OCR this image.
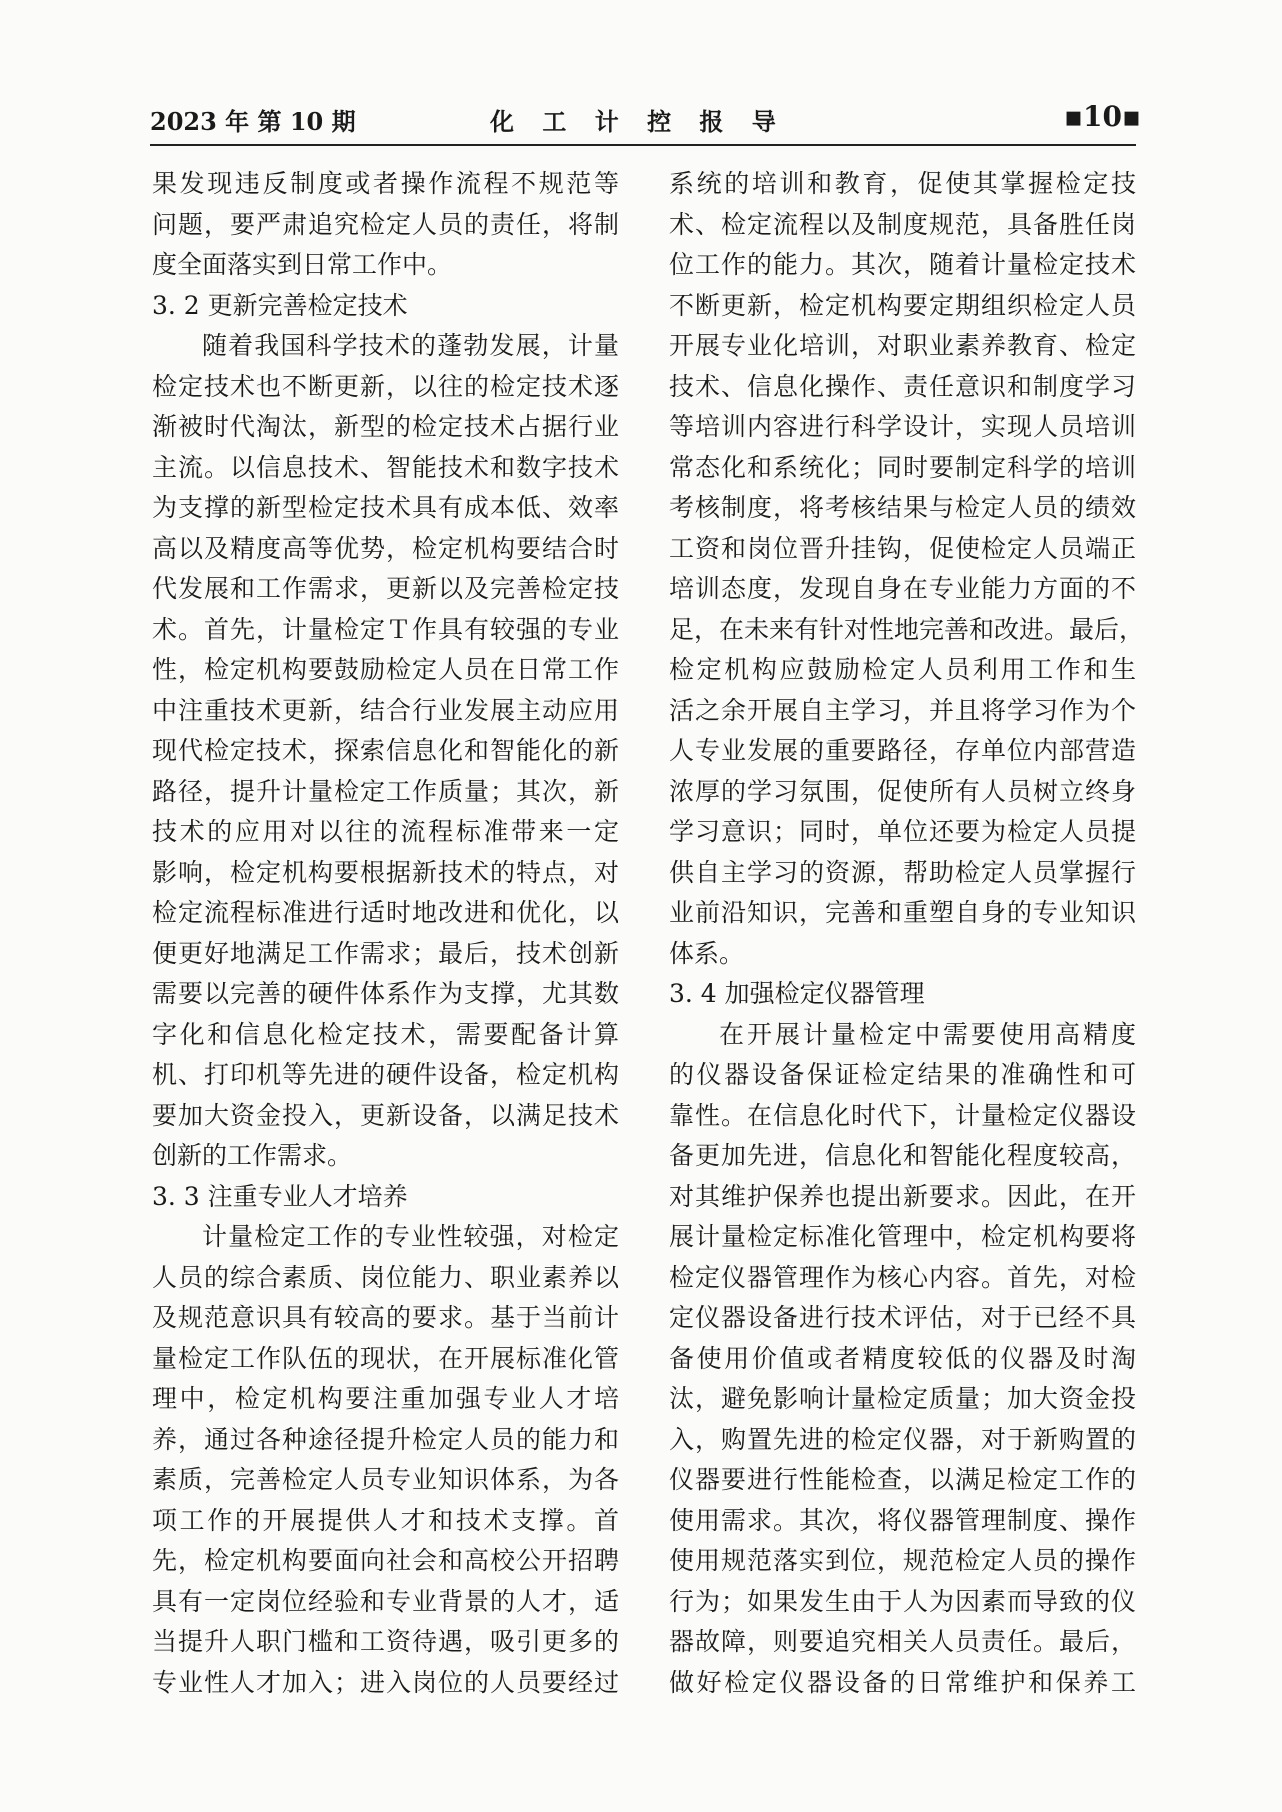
2023 年 第 10 期	化 工 计 控 报 导	▪10▪
果发现违反制度或者操作流程不规范等
问题，要严肃追究检定人员的责任，将制
度全面落实到日常工作中。
3. 2 更新完善检定技术
随着我国科学技术的蓬勃发展，计量
检定技术也不断更新，以往的检定技术逐
渐被时代淘汰，新型的检定技术占据行业
主流。以信息技术、智能技术和数字技术
为支撑的新型检定技术具有成本低、效率
高以及精度高等优势，检定机构要结合时
代发展和工作需求，更新以及完善检定技
术。首先，计量检定Ｔ作具有较强的专业
性，检定机构要鼓励检定人员在日常工作
中注重技术更新，结合行业发展主动应用
现代检定技术，探索信息化和智能化的新
路径，提升计量检定工作质量；其次，新
技术的应用对以往的流程标准带来一定
影响，检定机构要根据新技术的特点，对
检定流程标准进行适时地改进和优化，以
便更好地满足工作需求；最后，技术创新
需要以完善的硬件体系作为支撑，尤其数
字化和信息化检定技术，需要配备计算
机、打印机等先进的硬件设备，检定机构
要加大资金投入，更新设备，以满足技术
创新的工作需求。
3. 3 注重专业人才培养
计量检定工作的专业性较强，对检定
人员的综合素质、岗位能力、职业素养以
及规范意识具有较高的要求。基于当前计
量检定工作队伍的现状，在开展标准化管
理中，检定机构要注重加强专业人才培
养，通过各种途径提升检定人员的能力和
素质，完善检定人员专业知识体系，为各
项工作的开展提供人才和技术支撑。首
先，检定机构要面向社会和高校公开招聘
具有一定岗位经验和专业背景的人才，适
当提升人职门槛和工资待遇，吸引更多的
专业性人才加入；进入岗位的人员要经过
系统的培训和教育，促使其掌握检定技
术、检定流程以及制度规范，具备胜任岗
位工作的能力。其次，随着计量检定技术
不断更新，检定机构要定期组织检定人员
开展专业化培训，对职业素养教育、检定
技术、信息化操作、责任意识和制度学习
等培训内容进行科学设计，实现人员培训
常态化和系统化；同时要制定科学的培训
考核制度，将考核结果与检定人员的绩效
工资和岗位晋升挂钩，促使检定人员端正
培训态度，发现自身在专业能力方面的不
足，在未来有针对性地完善和改进。最后，
检定机构应鼓励检定人员利用工作和生
活之余开展自主学习，并且将学习作为个
人专业发展的重要路径，存单位内部营造
浓厚的学习氛围，促使所有人员树立终身
学习意识；同时，单位还要为检定人员提
供自主学习的资源，帮助检定人员掌握行
业前沿知识，完善和重塑自身的专业知识
体系。
3. 4 加强检定仪器管理
在开展计量检定中需要使用高精度
的仪器设备保证检定结果的准确性和可
靠性。在信息化时代下，计量检定仪器设
备更加先进，信息化和智能化程度较高，
对其维护保养也提出新要求。因此，在开
展计量检定标准化管理中，检定机构要将
检定仪器管理作为核心内容。首先，对检
定仪器设备进行技术评估，对于已经不具
备使用价值或者精度较低的仪器及时淘
汰，避免影响计量检定质量；加大资金投
入，购置先进的检定仪器，对于新购置的
仪器要进行性能检查，以满足检定工作的
使用需求。其次，将仪器管理制度、操作
使用规范落实到位，规范检定人员的操作
行为；如果发生由于人为因素而导致的仪
器故障，则要追究相关人员责任。最后，
做好检定仪器设备的日常维护和保养工
